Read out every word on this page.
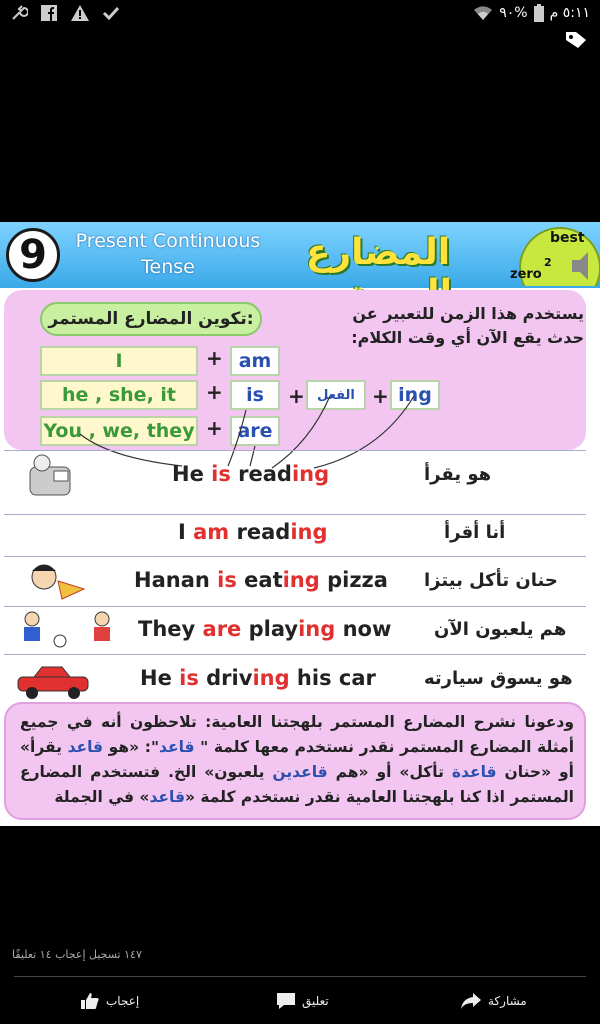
٩٠% ٥:١١ م
9	Present Continuous
Tense	المضارع
zero
2
best
تكوين المضارع المستمر:	يستخدم هذا الزمن للتعبير عن
حدث يقع الآن أي وقت الكلام:
I	+ am
he , she, it	+	is	+ الفعل + ing
You , we, they + are
He is reading	هو يقرأ
I am reading	أنا أقرأ
Hanan is eating pizza حنان تأكل بيتزا
They are playing now هم يلعبون الآن
He is driving his car	هو يسوق سيارته
ودعونا نشرح المضارع المستمر بلهجتنا العامية: تلاحظون أنه في جميع أمثلة المضارع المستمر نقدر نستخدم معها كلمة " قاعد": «هو قاعد يقرأ» أو «حنان قاعدة تأكل» أو «هم قاعدين يلعبون» الخ. فتستخدم المضارع المستمر اذا كنا بلهجتنا العامية نقدر نستخدم كلمة «قاعد» في الجملة
١٤٧ تسجيل إعجاب ١٤ تعليقًا
إعجاب	تعليق	مشاركة
